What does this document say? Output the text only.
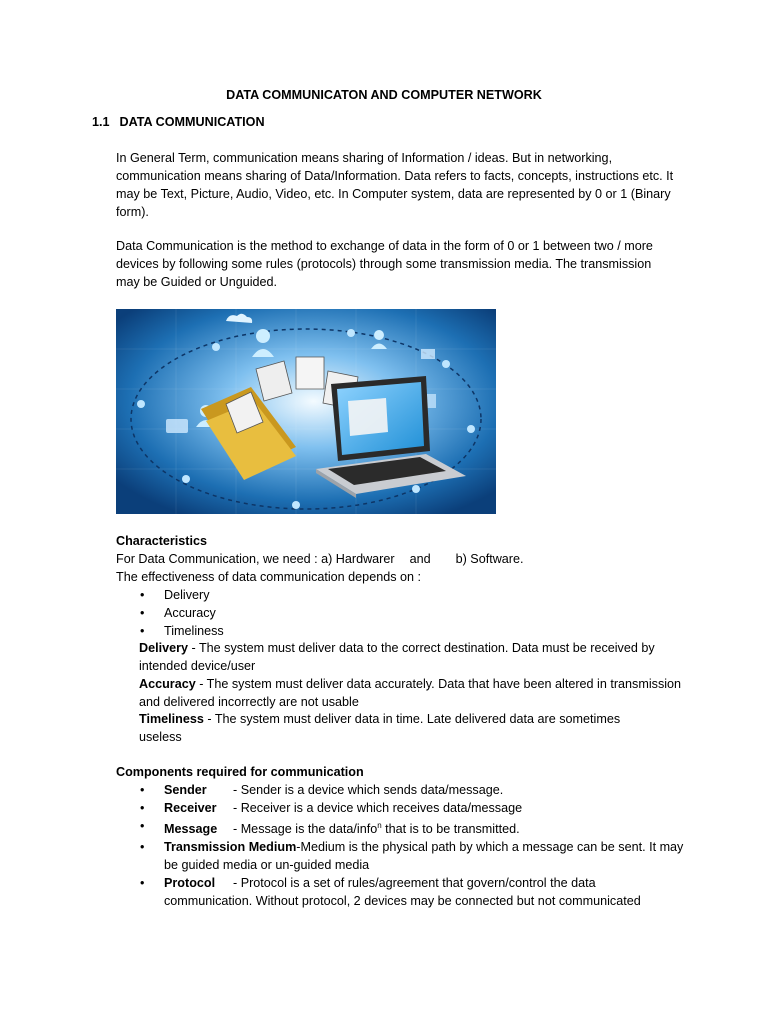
DATA COMMUNICATON AND COMPUTER NETWORK
1.1 DATA COMMUNICATION
In General Term, communication means sharing of Information / ideas. But in networking, communication means sharing of Data/Information. Data refers to facts, concepts, instructions etc. It may be Text, Picture, Audio, Video, etc. In Computer system, data are represented by 0 or 1 (Binary form).
Data Communication is the method to exchange of data in the form of 0 or 1 between two / more devices by following some rules (protocols) through some transmission media. The transmission may be Guided or Unguided.
Characteristics
For Data Communication, we need : a) Hardwarer and b) Software.
The effectiveness of data communication depends on :
• Delivery
• Accuracy
• Timeliness
Delivery - The system must deliver data to the correct destination. Data must be received by intended device/user
Accuracy - The system must deliver data accurately. Data that have been altered in transmission and delivered incorrectly are not usable
Timeliness - The system must deliver data in time. Late delivered data are sometimes useless
Components required for communication
• Sender - Sender is a device which sends data/message.
• Receiver - Receiver is a device which receives data/message
• Message - Message is the data/info$^n$ that is to be transmitted.
• Transmission Medium-Medium is the physical path by which a message can be sent. It may be guided media or un-guided media
• Protocol - Protocol is a set of rules/agreement that govern/control the data communication. Without protocol, 2 devices may be connected but not communicated
